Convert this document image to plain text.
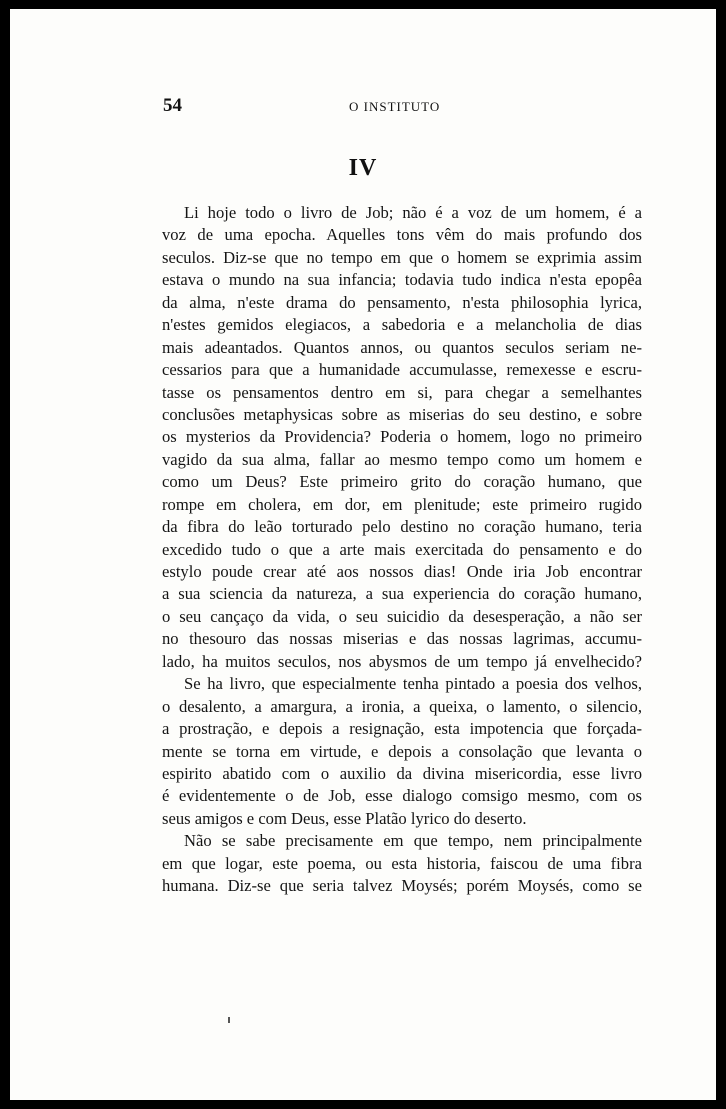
54	O INSTITUTO
IV
Li hoje todo o livro de Job; não é a voz de um homem, é a
voz de uma epocha. Aquelles tons vêm do mais profundo dos
seculos. Diz-se que no tempo em que o homem se exprimia assim
estava o mundo na sua infancia; todavia tudo indica n'esta epopêa
da alma, n'este drama do pensamento, n'esta philosophia lyrica,
n'estes gemidos elegiacos, a sabedoria e a melancholia de dias
mais adeantados. Quantos annos, ou quantos seculos seriam ne-
cessarios para que a humanidade accumulasse, remexesse e escru-
tasse os pensamentos dentro em si, para chegar a semelhantes
conclusões metaphysicas sobre as miserias do seu destino, e sobre
os mysterios da Providencia? Poderia o homem, logo no primeiro
vagido da sua alma, fallar ao mesmo tempo como um homem e
como um Deus? Este primeiro grito do coração humano, que
rompe em cholera, em dor, em plenitude; este primeiro rugido
da fibra do leão torturado pelo destino no coração humano, teria
excedido tudo o que a arte mais exercitada do pensamento e do
estylo poude crear até aos nossos dias! Onde iria Job encontrar
a sua sciencia da natureza, a sua experiencia do coração humano,
o seu cançaço da vida, o seu suicidio da desesperação, a não ser
no thesouro das nossas miserias e das nossas lagrimas, accumu-
lado, ha muitos seculos, nos abysmos de um tempo já envelhecido?
Se ha livro, que especialmente tenha pintado a poesia dos velhos,
o desalento, a amargura, a ironia, a queixa, o lamento, o silencio,
a prostração, e depois a resignação, esta impotencia que forçada-
mente se torna em virtude, e depois a consolação que levanta o
espirito abatido com o auxilio da divina misericordia, esse livro
é evidentemente o de Job, esse dialogo comsigo mesmo, com os
seus amigos e com Deus, esse Platão lyrico do deserto.
Não se sabe precisamente em que tempo, nem principalmente
em que logar, este poema, ou esta historia, faiscou de uma fibra
humana. Diz-se que seria talvez Moysés; porém Moysés, como se
